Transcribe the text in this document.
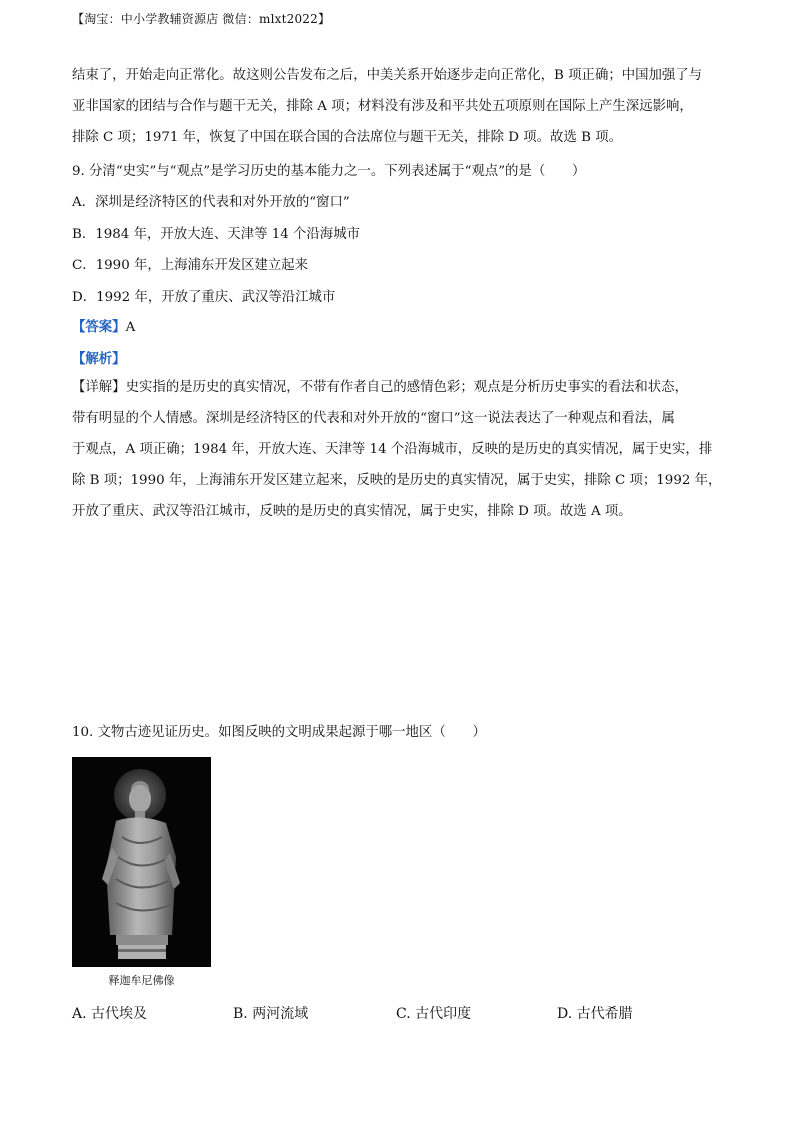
【淘宝：中小学教辅资源店 微信：mlxt2022】
结束了，开始走向正常化。故这则公告发布之后，中美关系开始逐步走向正常化，B 项正确；中国加强了与
亚非国家的团结与合作与题干无关，排除 A 项；材料没有涉及和平共处五项原则在国际上产生深远影响，
排除 C 项；1971 年，恢复了中国在联合国的合法席位与题干无关，排除 D 项。故选 B 项。
9. 分清“史实”与“观点”是学习历史的基本能力之一。下列表述属于“观点”的是（　　）
A．深圳是经济特区的代表和对外开放的“窗口”
B．1984 年，开放大连、天津等 14 个沿海城市
C．1990 年，上海浦东开发区建立起来
D．1992 年，开放了重庆、武汉等沿江城市
【答案】A
【解析】
【详解】史实指的是历史的真实情况，不带有作者自己的感情色彩；观点是分析历史事实的看法和状态，
带有明显的个人情感。深圳是经济特区的代表和对外开放的“窗口”这一说法表达了一种观点和看法，属
于观点，A 项正确；1984 年，开放大连、天津等 14 个沿海城市，反映的是历史的真实情况，属于史实，排
除 B 项；1990 年，上海浦东开发区建立起来，反映的是历史的真实情况，属于史实，排除 C 项；1992 年，
开放了重庆、武汉等沿江城市，反映的是历史的真实情况，属于史实，排除 D 项。故选 A 项。
10. 文物古迹见证历史。如图反映的文明成果起源于哪一地区（　　）
释迦牟尼佛像
A. 古代埃及	B. 两河流域	C. 古代印度	D. 古代希腊
